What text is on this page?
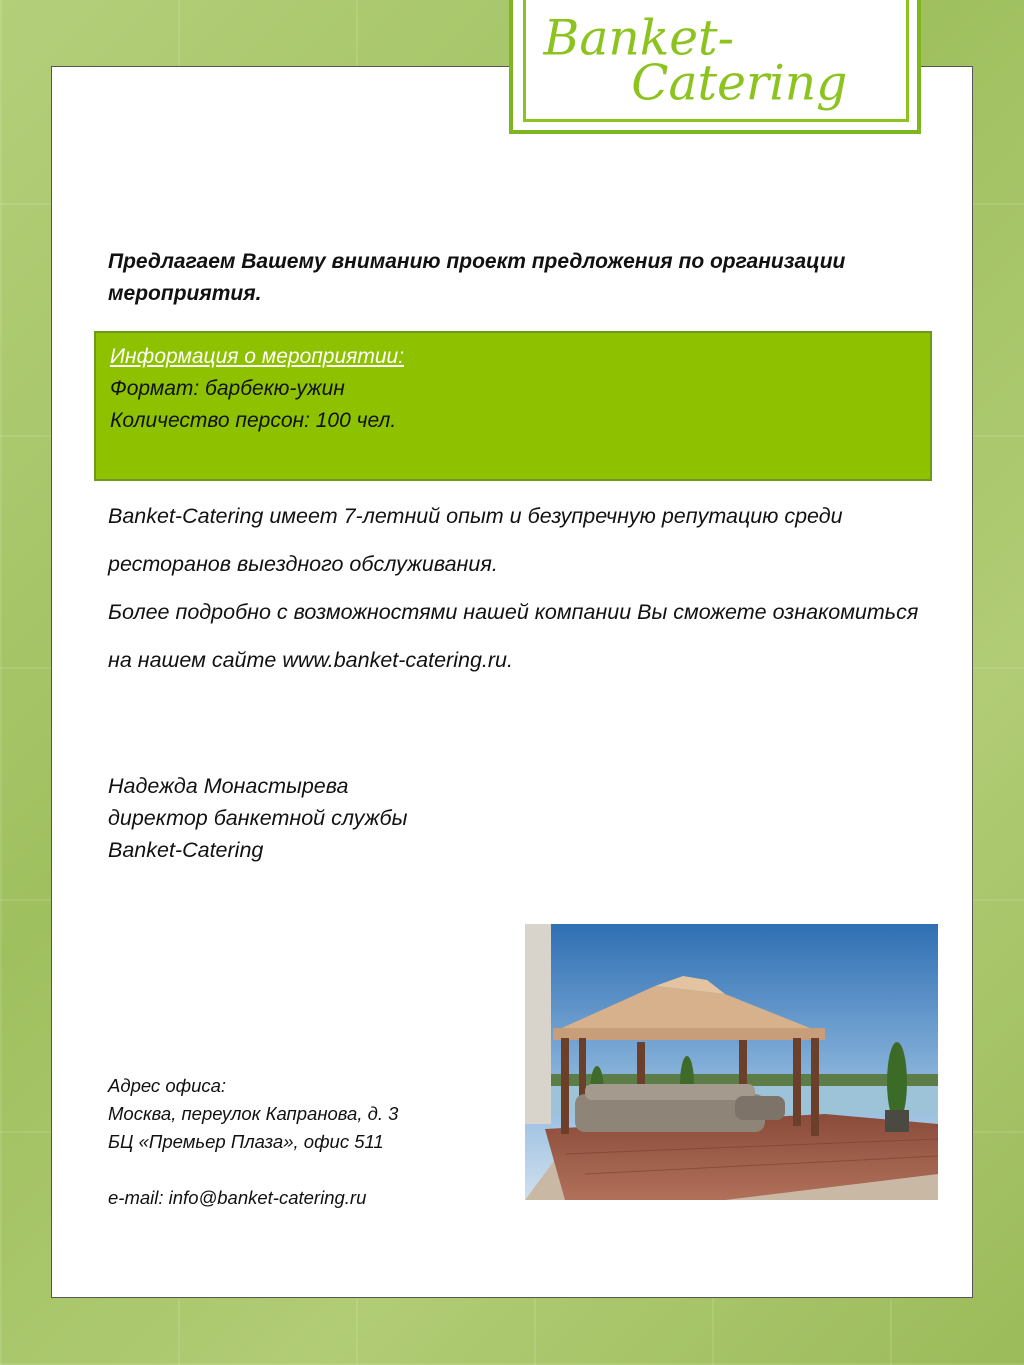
Banket-
Catering

Предлагаем Вашему вниманию проект предложения по организации мероприятия.

Информация о мероприятии:

Формат: барбекю-ужин

Количество персон: 100 чел.

Banket-Catering имеет 7-летний опыт и безупречную репутацию среди ресторанов выездного обслуживания.
Более подробно с возможностями нашей компании Вы сможете ознакомиться на нашем сайте www.banket-catering.ru.
Надежда Монастырева
директор банкетной службы
Banket-Catering
Адрес офиса:
Москва, переулок Капранова, д. 3
БЦ «Премьер Плаза», офис 511
e-mail: info@banket-catering.ru
